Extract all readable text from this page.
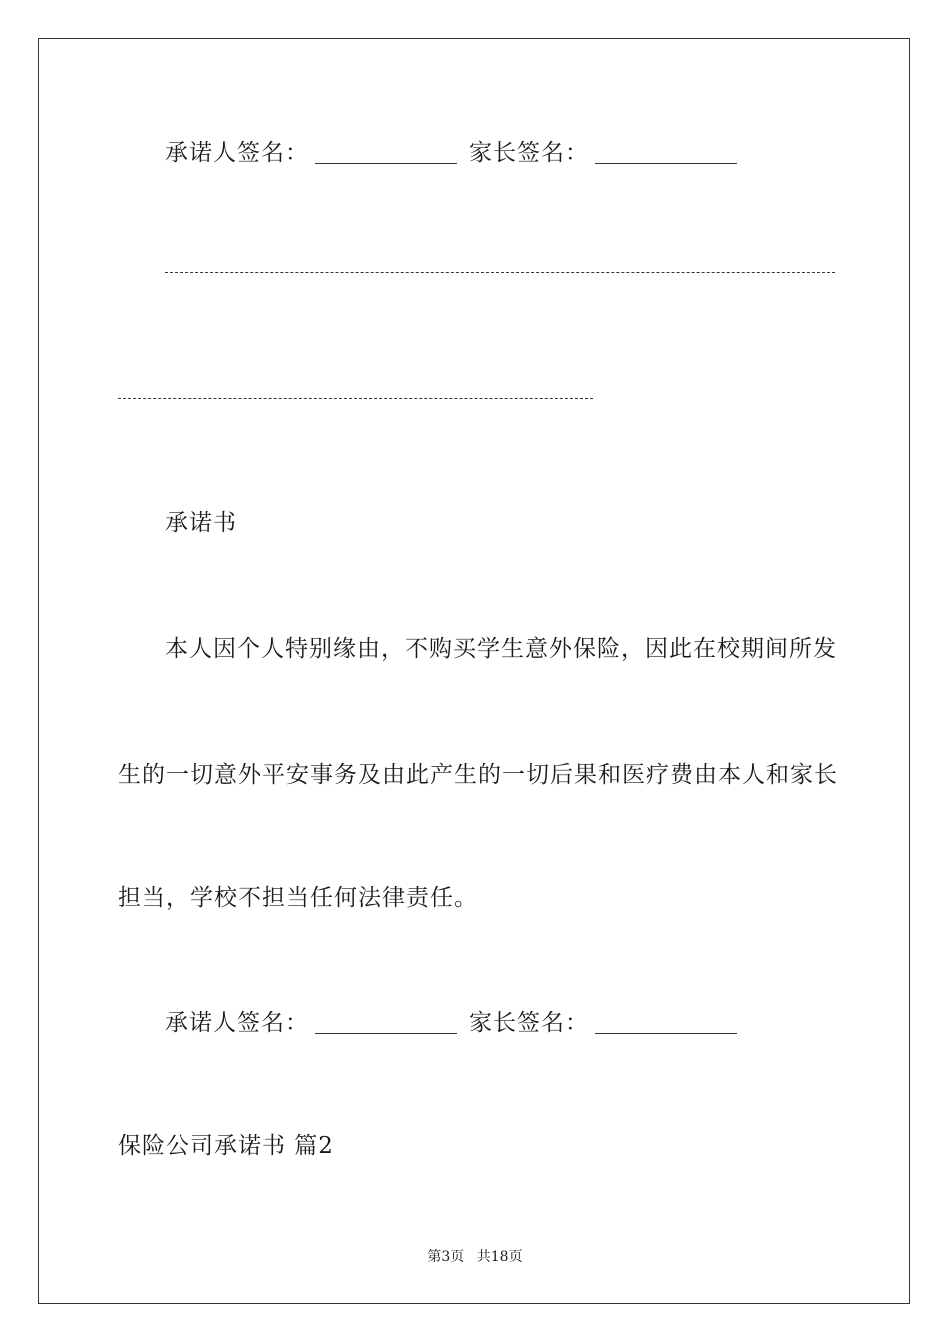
承诺人签名：	家长签名：
承诺书
本人因个人特别缘由，不购买学生意外保险，因此在校期间所发
生的一切意外平安事务及由此产生的一切后果和医疗费由本人和家长
担当，学校不担当任何法律责任。
承诺人签名：	家长签名：
保险公司承诺书 篇2
第3页 共18页
